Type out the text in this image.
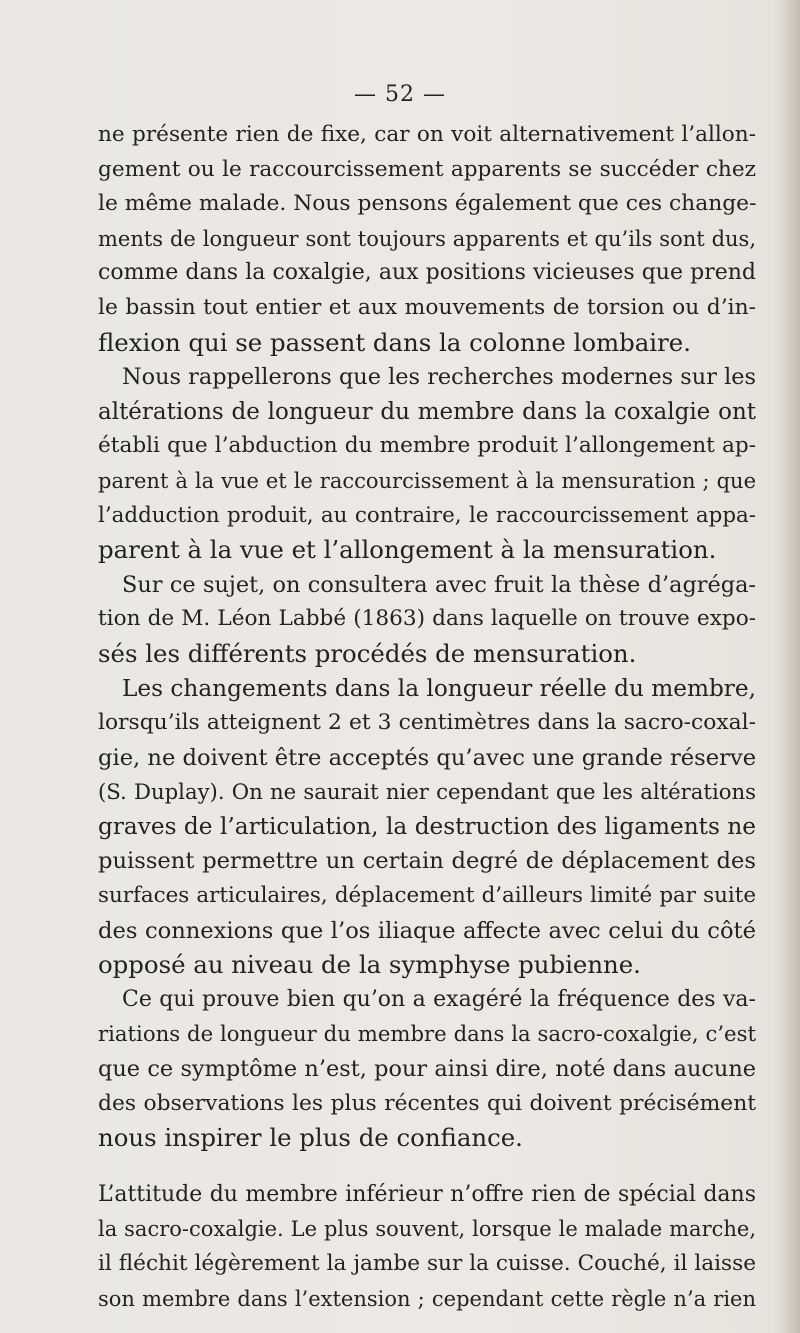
— 52 —
ne présente rien de fixe, car on voit alternativement l’allon-
gement ou le raccourcissement apparents se succéder chez
le même malade. Nous pensons également que ces change-
ments de longueur sont toujours apparents et qu’ils sont dus,
comme dans la coxalgie, aux positions vicieuses que prend
le bassin tout entier et aux mouvements de torsion ou d’in-
flexion qui se passent dans la colonne lombaire.
Nous rappellerons que les recherches modernes sur les
altérations de longueur du membre dans la coxalgie ont
établi que l’abduction du membre produit l’allongement ap-
parent à la vue et le raccourcissement à la mensuration ; que
l’adduction produit, au contraire, le raccourcissement appa-
parent à la vue et l’allongement à la mensuration.
Sur ce sujet, on consultera avec fruit la thèse d’agréga-
tion de M. Léon Labbé (1863) dans laquelle on trouve expo-
sés les différents procédés de mensuration.
Les changements dans la longueur réelle du membre,
lorsqu’ils atteignent 2 et 3 centimètres dans la sacro-coxal-
gie, ne doivent être acceptés qu’avec une grande réserve
(S. Duplay). On ne saurait nier cependant que les altérations
graves de l’articulation, la destruction des ligaments ne
puissent permettre un certain degré de déplacement des
surfaces articulaires, déplacement d’ailleurs limité par suite
des connexions que l’os iliaque affecte avec celui du côté
opposé au niveau de la symphyse pubienne.
Ce qui prouve bien qu’on a exagéré la fréquence des va-
riations de longueur du membre dans la sacro-coxalgie, c’est
que ce symptôme n’est, pour ainsi dire, noté dans aucune
des observations les plus récentes qui doivent précisément
nous inspirer le plus de confiance.
L’attitude du membre inférieur n’offre rien de spécial dans
la sacro-coxalgie. Le plus souvent, lorsque le malade marche,
il fléchit légèrement la jambe sur la cuisse. Couché, il laisse
son membre dans l’extension ; cependant cette règle n’a rien
